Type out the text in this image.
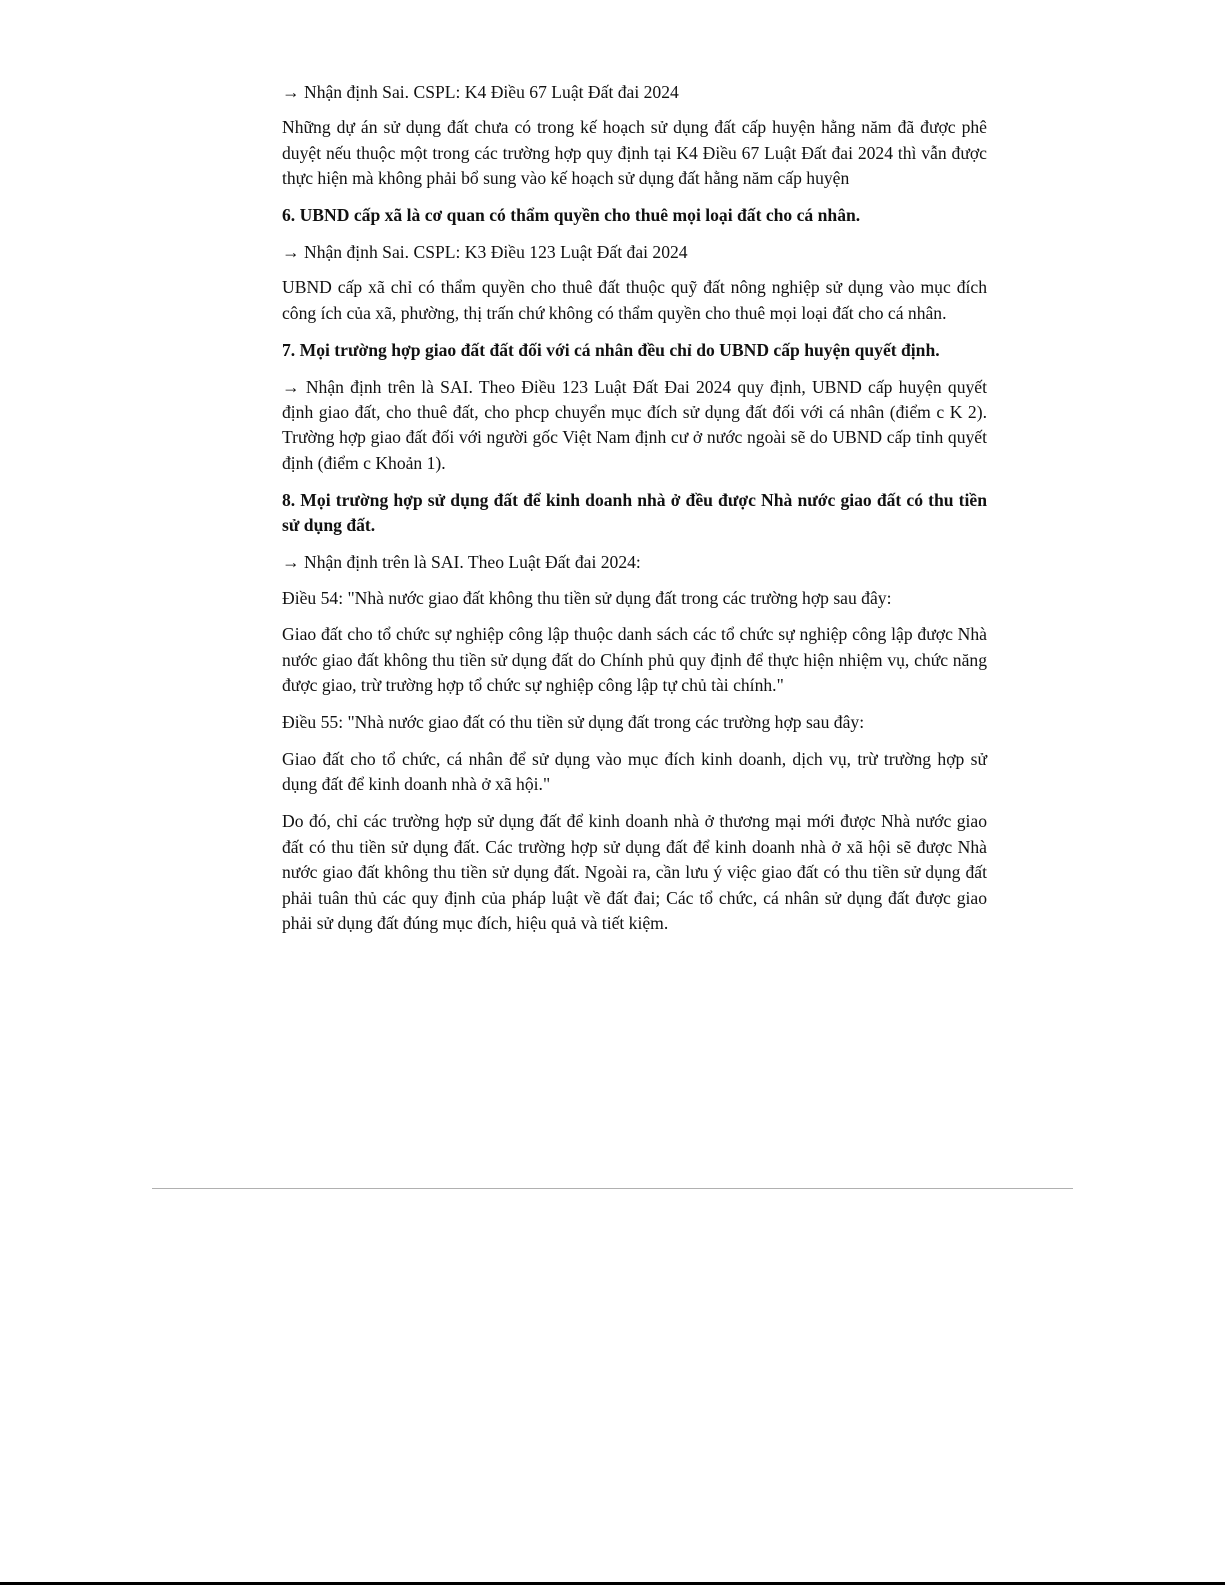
→ Nhận định Sai. CSPL: K4 Điều 67 Luật Đất đai 2024

Những dự án sử dụng đất chưa có trong kế hoạch sử dụng đất cấp huyện hằng năm đã được phê duyệt nếu thuộc một trong các trường hợp quy định tại K4 Điều 67 Luật Đất đai 2024 thì vẫn được thực hiện mà không phải bổ sung vào kế hoạch sử dụng đất hằng năm cấp huyện

6. UBND cấp xã là cơ quan có thẩm quyền cho thuê mọi loại đất cho cá nhân.

→ Nhận định Sai. CSPL: K3 Điều 123 Luật Đất đai 2024

UBND cấp xã chỉ có thẩm quyền cho thuê đất thuộc quỹ đất nông nghiệp sử dụng vào mục đích công ích của xã, phường, thị trấn chứ không có thẩm quyền cho thuê mọi loại đất cho cá nhân.

7. Mọi trường hợp giao đất đất đối với cá nhân đều chỉ do UBND cấp huyện quyết định.

→ Nhận định trên là SAI. Theo Điều 123 Luật Đất Đai 2024 quy định, UBND cấp huyện quyết định giao đất, cho thuê đất, cho phcp chuyển mục đích sử dụng đất đối với cá nhân (điểm c K 2). Trường hợp giao đất đối với người gốc Việt Nam định cư ở nước ngoài sẽ do UBND cấp tỉnh quyết định (điểm c Khoản 1).

8. Mọi trường hợp sử dụng đất để kinh doanh nhà ở đều được Nhà nước giao đất có thu tiền sử dụng đất.

→ Nhận định trên là SAI. Theo Luật Đất đai 2024:

Điều 54: "Nhà nước giao đất không thu tiền sử dụng đất trong các trường hợp sau đây:

Giao đất cho tổ chức sự nghiệp công lập thuộc danh sách các tổ chức sự nghiệp công lập được Nhà nước giao đất không thu tiền sử dụng đất do Chính phủ quy định để thực hiện nhiệm vụ, chức năng được giao, trừ trường hợp tổ chức sự nghiệp công lập tự chủ tài chính."

Điều 55: "Nhà nước giao đất có thu tiền sử dụng đất trong các trường hợp sau đây:

Giao đất cho tổ chức, cá nhân để sử dụng vào mục đích kinh doanh, dịch vụ, trừ trường hợp sử dụng đất để kinh doanh nhà ở xã hội."

Do đó, chỉ các trường hợp sử dụng đất để kinh doanh nhà ở thương mại mới được Nhà nước giao đất có thu tiền sử dụng đất. Các trường hợp sử dụng đất để kinh doanh nhà ở xã hội sẽ được Nhà nước giao đất không thu tiền sử dụng đất. Ngoài ra, cần lưu ý việc giao đất có thu tiền sử dụng đất phải tuân thủ các quy định của pháp luật về đất đai; Các tổ chức, cá nhân sử dụng đất được giao phải sử dụng đất đúng mục đích, hiệu quả và tiết kiệm.
